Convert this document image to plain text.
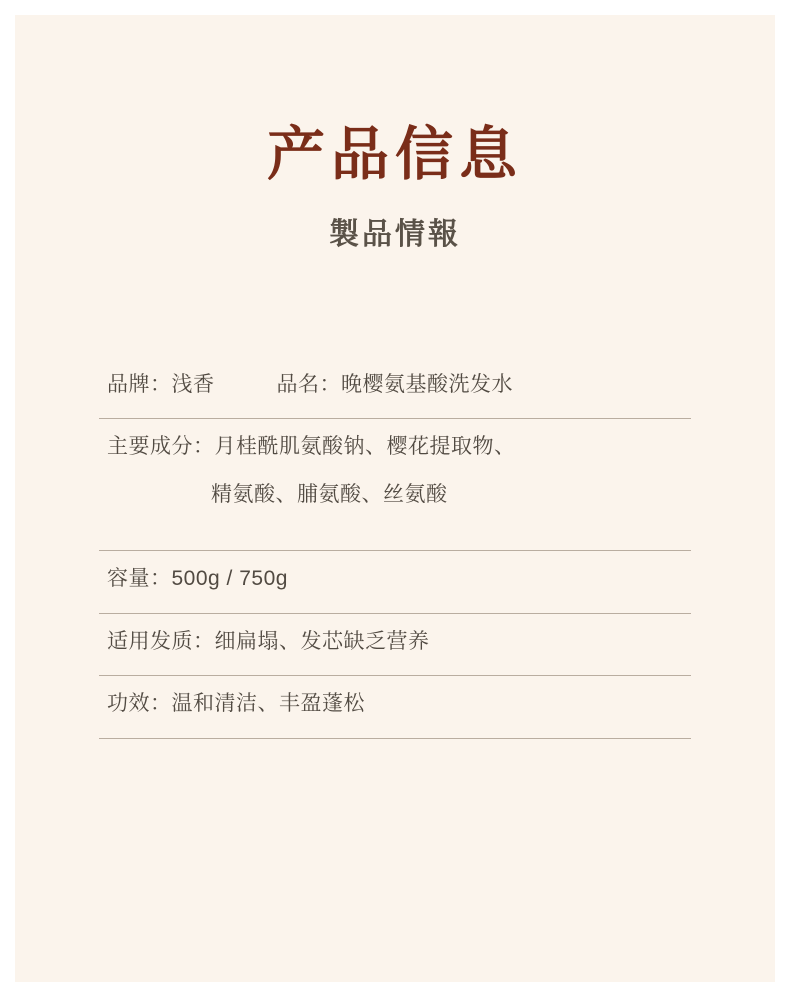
产品信息
製品情報
品牌：浅香	品名：晚樱氨基酸洗发水
主要成分：月桂酰肌氨酸钠、樱花提取物、
精氨酸、脯氨酸、丝氨酸
容量：500g / 750g
适用发质：细扁塌、发芯缺乏营养
功效：温和清洁、丰盈蓬松
